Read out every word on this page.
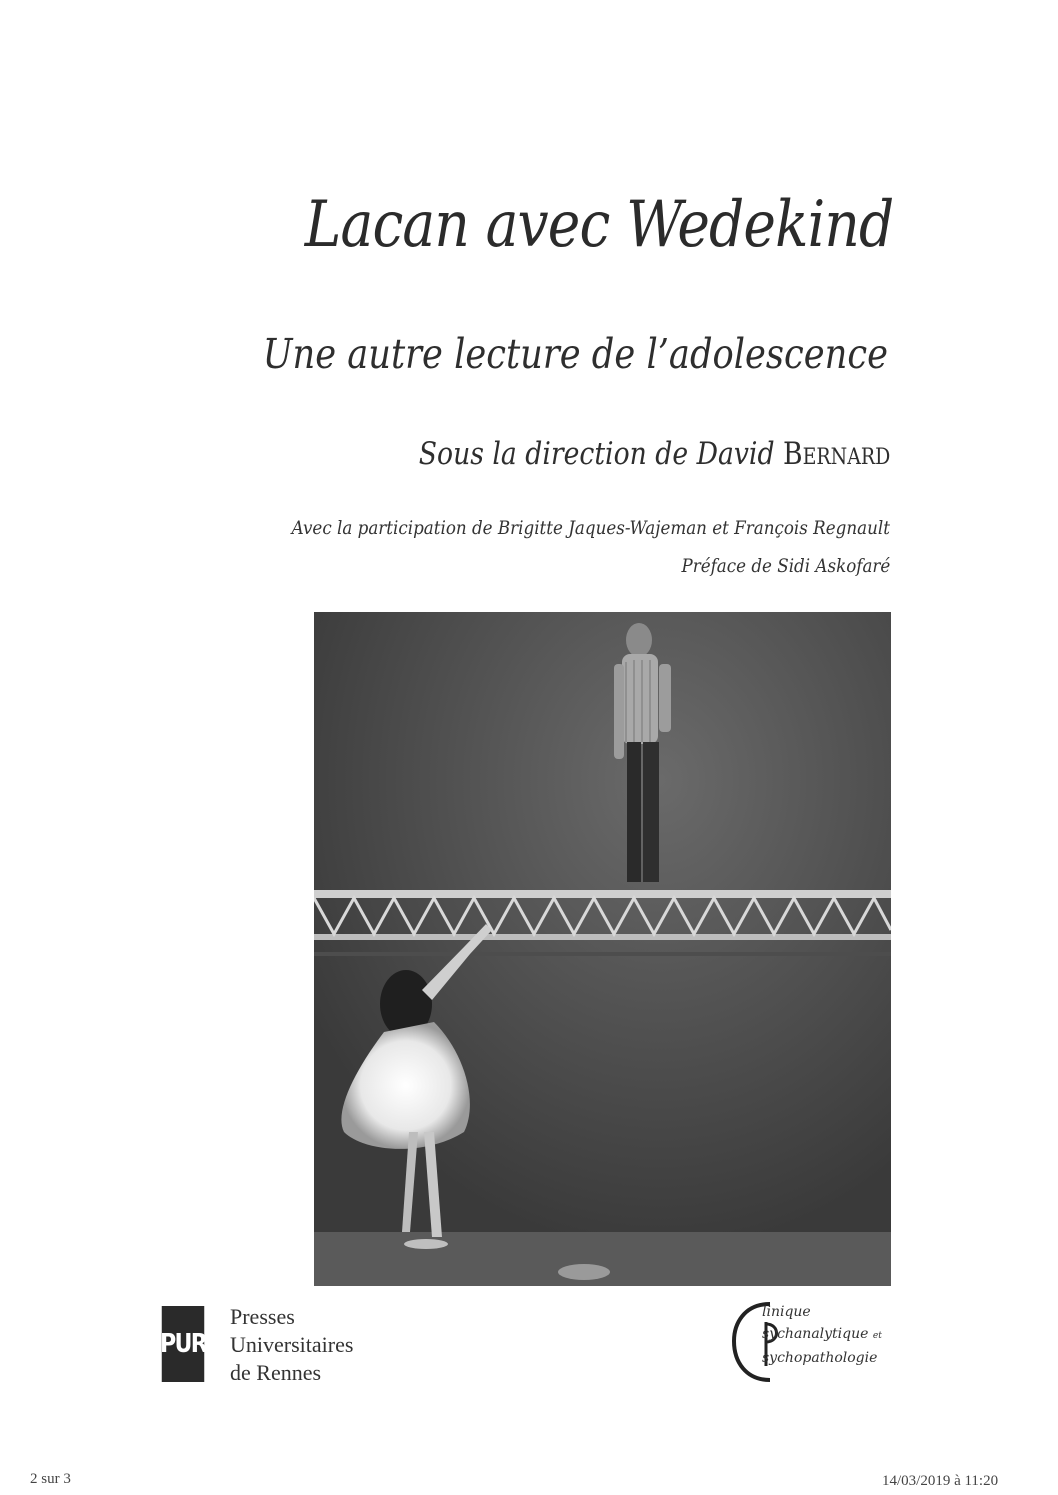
Lacan avec Wedekind
Une autre lecture de l’adolescence
Sous la direction de David Bernard
Avec la participation de Brigitte Jaques-Wajeman et François Regnault
Préface de Sidi Askofaré
PUR
Presses
Universitaires
de Rennes
linique
sychanalytique et
sychopathologie
2 sur 3	14/03/2019 à 11:20
